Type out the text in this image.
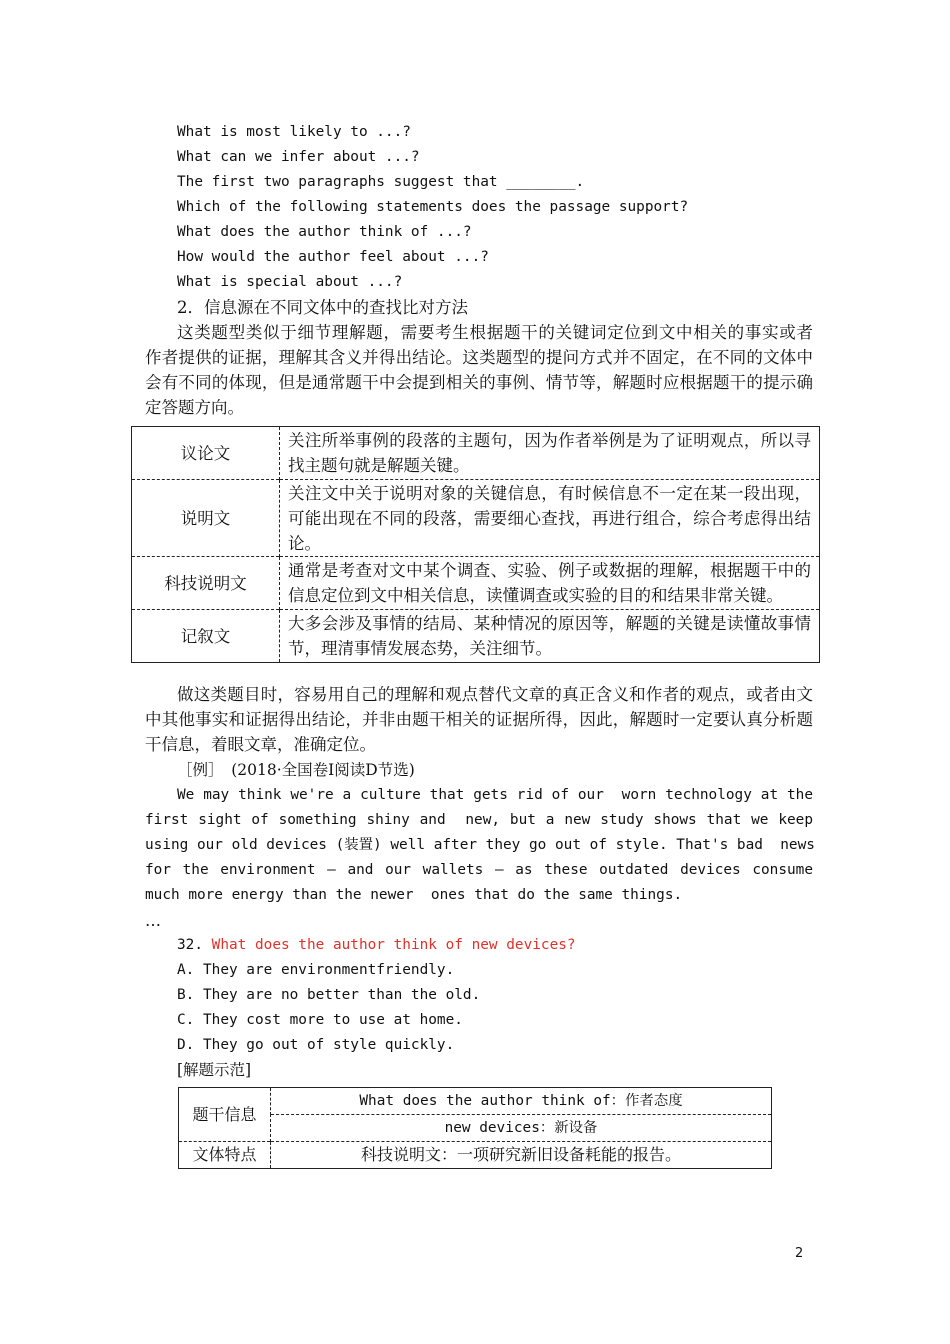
What is most likely to ...?
What can we infer about ...?
The first two paragraphs suggest that ________.
Which of the following statements does the passage support?
What does the author think of ...?
How would the author feel about ...?
What is special about ...?
2．信息源在不同文体中的查找比对方法
这类题型类似于细节理解题，需要考生根据题干的关键词定位到文中相关的事实或者
作者提供的证据，理解其含义并得出结论。这类题型的提问方式并不固定，在不同的文体中
会有不同的体现，但是通常题干中会提到相关的事例、情节等，解题时应根据题干的提示确
定答题方向。
议论文	关注所举事例的段落的主题句，因为作者举例是为了证明观点，所以寻找主题句就是解题关键。
说明文	关注文中关于说明对象的关键信息，有时候信息不一定在某一段出现，可能出现在不同的段落，需要细心查找，再进行组合，综合考虑得出结论。
科技说明文	通常是考查对文中某个调查、实验、例子或数据的理解，根据题干中的信息定位到文中相关信息，读懂调查或实验的目的和结果非常关键。
记叙文	大多会涉及事情的结局、某种情况的原因等，解题的关键是读懂故事情节，理清事情发展态势，关注细节。
做这类题目时，容易用自己的理解和观点替代文章的真正含义和作者的观点，或者由文
中其他事实和证据得出结论，并非由题干相关的证据所得，因此，解题时一定要认真分析题
干信息，着眼文章，准确定位。
［例］　(2018·全国卷Ⅰ阅读D节选)
We may think we're a culture that gets rid of our  worn technology at the
first sight of something shiny and  new, but a new study shows that we keep
using our old devices (装置) well after they go out of style. That's bad  news
for the environment — and our wallets — as these outdated devices consume
much more energy than the newer  ones that do the same things.
…
32. What does the author think of new devices?
A. They are environmentfriendly.
B. They are no better than the old.
C. They cost more to use at home.
D. They go out of style quickly.
[解题示范]
题干信息	What does the author think of：作者态度
	new devices：新设备
文体特点	科技说明文：一项研究新旧设备耗能的报告。
2
